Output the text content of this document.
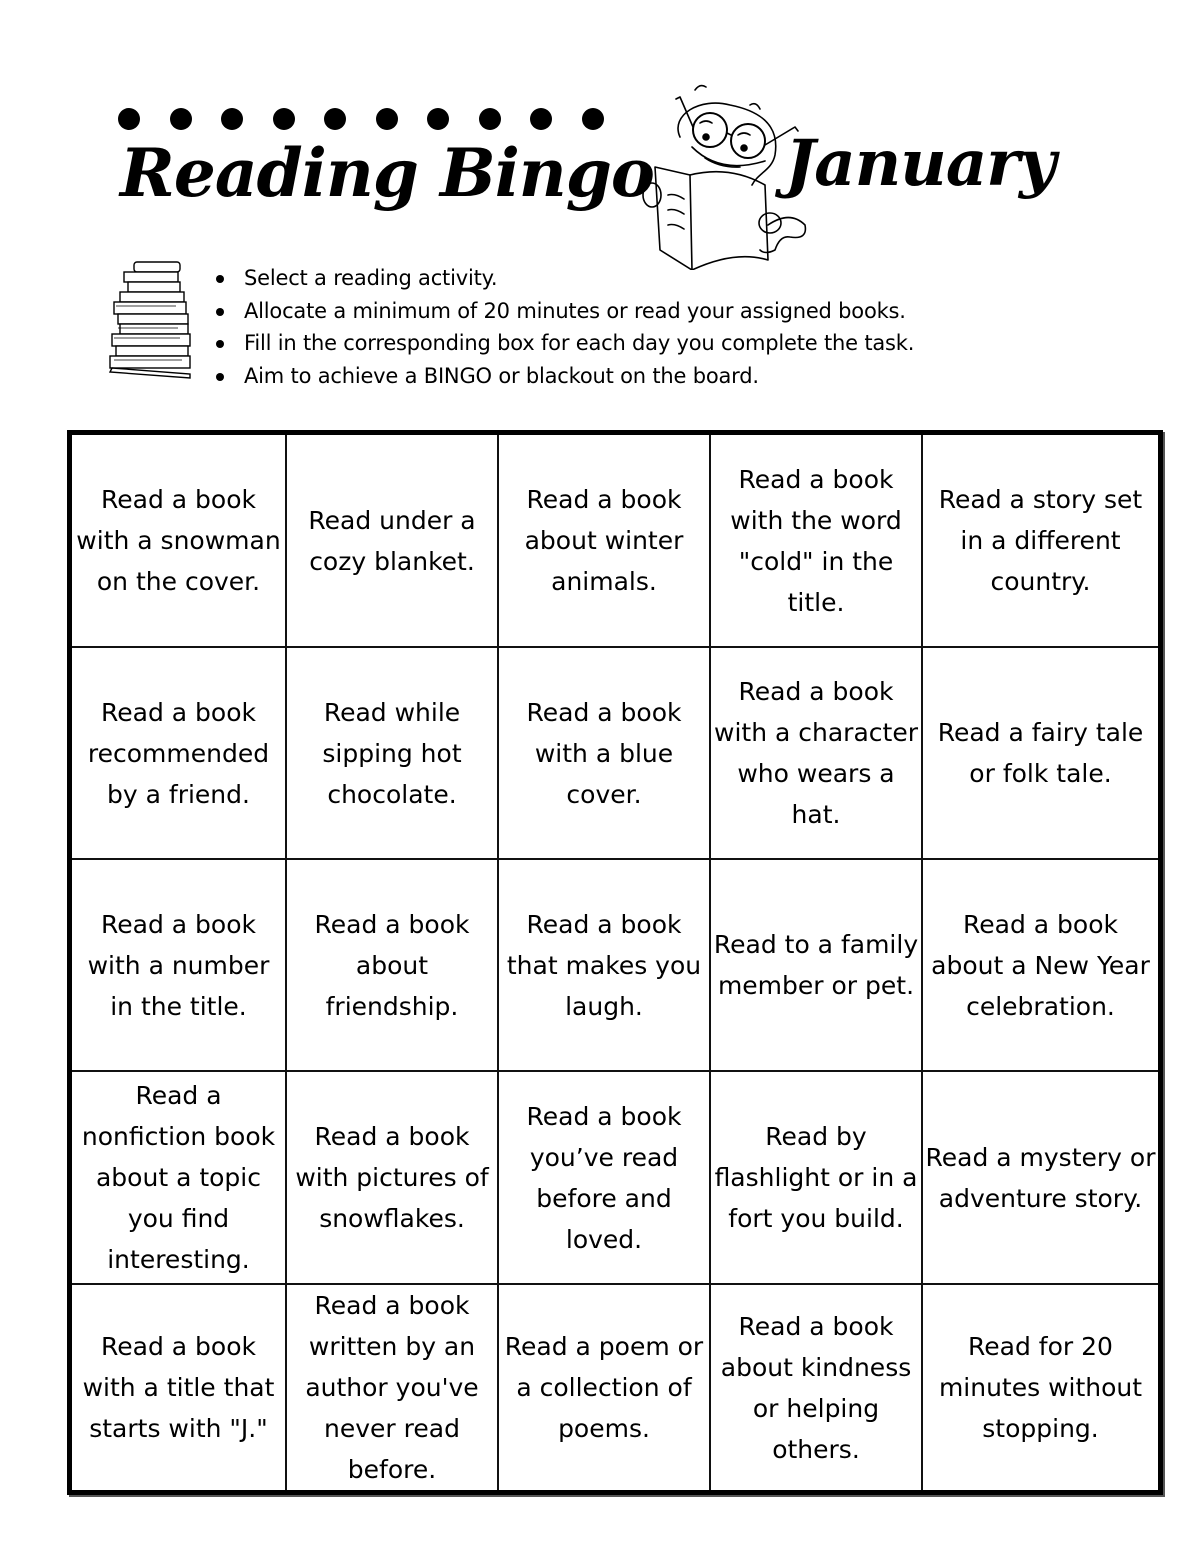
Reading Bingo January
Select a reading activity.
Allocate a minimum of 20 minutes or read your assigned books.
Fill in the corresponding box for each day you complete the task.
Aim to achieve a BINGO or blackout on the board.
Read a book with a snowman on the cover.
Read under a cozy blanket.
Read a book about winter animals.
Read a book with the word "cold" in the title.
Read a story set in a different country.
Read a book recommended by a friend.
Read while sipping hot chocolate.
Read a book with a blue cover.
Read a book with a character who wears a hat.
Read a fairy tale or folk tale.
Read a book with a number in the title.
Read a book about friendship.
Read a book that makes you laugh.
Read to a family member or pet.
Read a book about a New Year celebration.
Read a nonfiction book about a topic you find interesting.
Read a book with pictures of snowflakes.
Read a book you’ve read before and loved.
Read by flashlight or in a fort you build.
Read a mystery or adventure story.
Read a book with a title that starts with "J."
Read a book written by an author you've never read before.
Read a poem or a collection of poems.
Read a book about kindness or helping others.
Read for 20 minutes without stopping.
